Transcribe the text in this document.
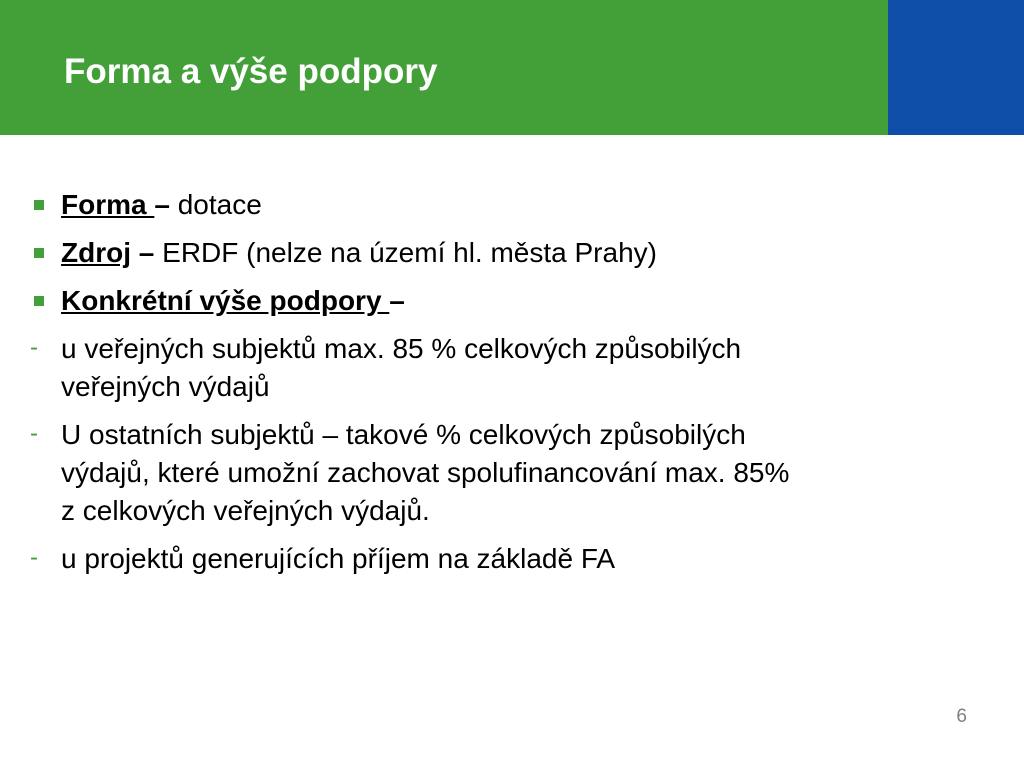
Forma a výše podpory
Forma – dotace
Zdroj – ERDF (nelze na území hl. města Prahy)
Konkrétní výše podpory –
- u veřejných subjektů max. 85 % celkových způsobilých
veřejných výdajů
- U ostatních subjektů – takové % celkových způsobilých
výdajů, které umožní zachovat spolufinancování max. 85%
z celkových veřejných výdajů.
- u projektů generujících příjem na základě FA
6
